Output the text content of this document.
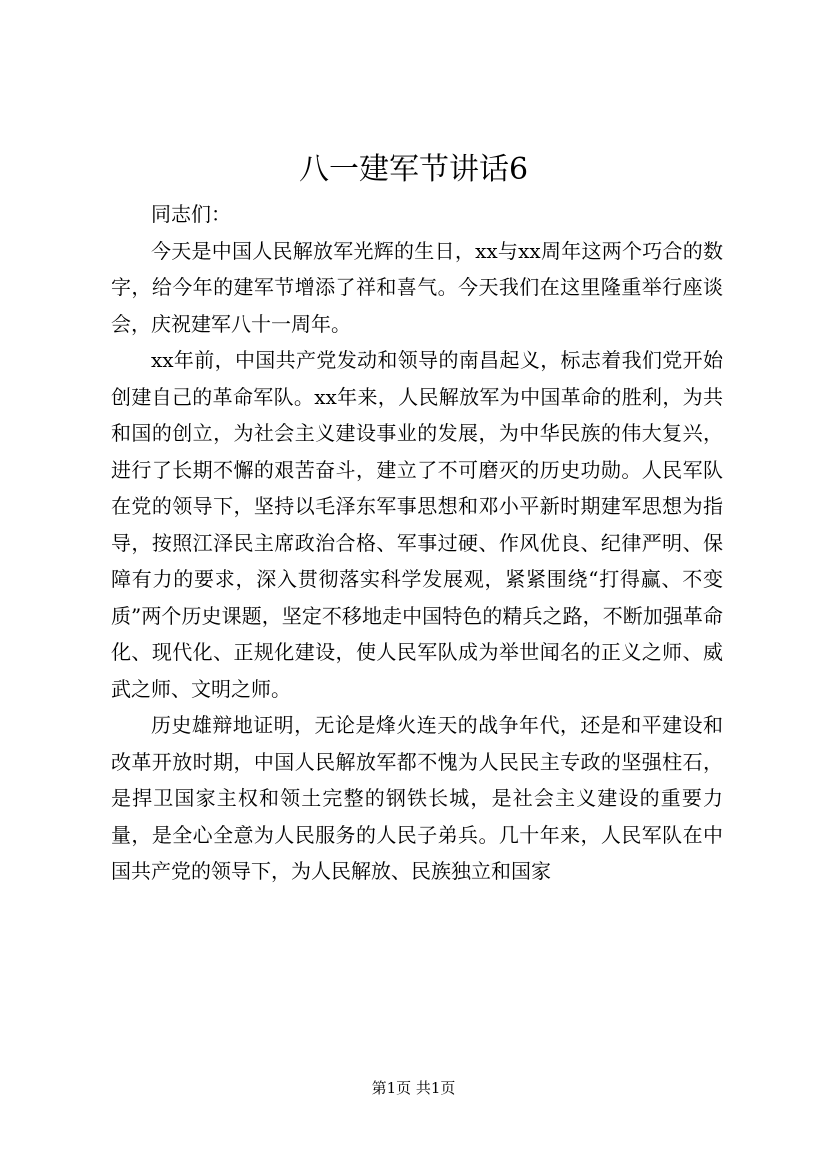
八一建军节讲话6

同志们：

今天是中国人民解放军光辉的生日，xx与xx周年这两个巧合的数字，给今年的建军节增添了祥和喜气。今天我们在这里隆重举行座谈会，庆祝建军八十一周年。

xx年前，中国共产党发动和领导的南昌起义，标志着我们党开始创建自己的革命军队。xx年来，人民解放军为中国革命的胜利，为共和国的创立，为社会主义建设事业的发展，为中华民族的伟大复兴，进行了长期不懈的艰苦奋斗，建立了不可磨灭的历史功勋。人民军队在党的领导下，坚持以毛泽东军事思想和邓小平新时期建军思想为指导，按照江泽民主席政治合格、军事过硬、作风优良、纪律严明、保障有力的要求，深入贯彻落实科学发展观，紧紧围绕“打得赢、不变质”两个历史课题，坚定不移地走中国特色的精兵之路，不断加强革命化、现代化、正规化建设，使人民军队成为举世闻名的正义之师、威武之师、文明之师。

历史雄辩地证明，无论是烽火连天的战争年代，还是和平建设和改革开放时期，中国人民解放军都不愧为人民民主专政的坚强柱石，是捍卫国家主权和领土完整的钢铁长城，是社会主义建设的重要力量，是全心全意为人民服务的人民子弟兵。几十年来，人民军队在中国共产党的领导下，为人民解放、民族独立和国家

第1页 共1页
